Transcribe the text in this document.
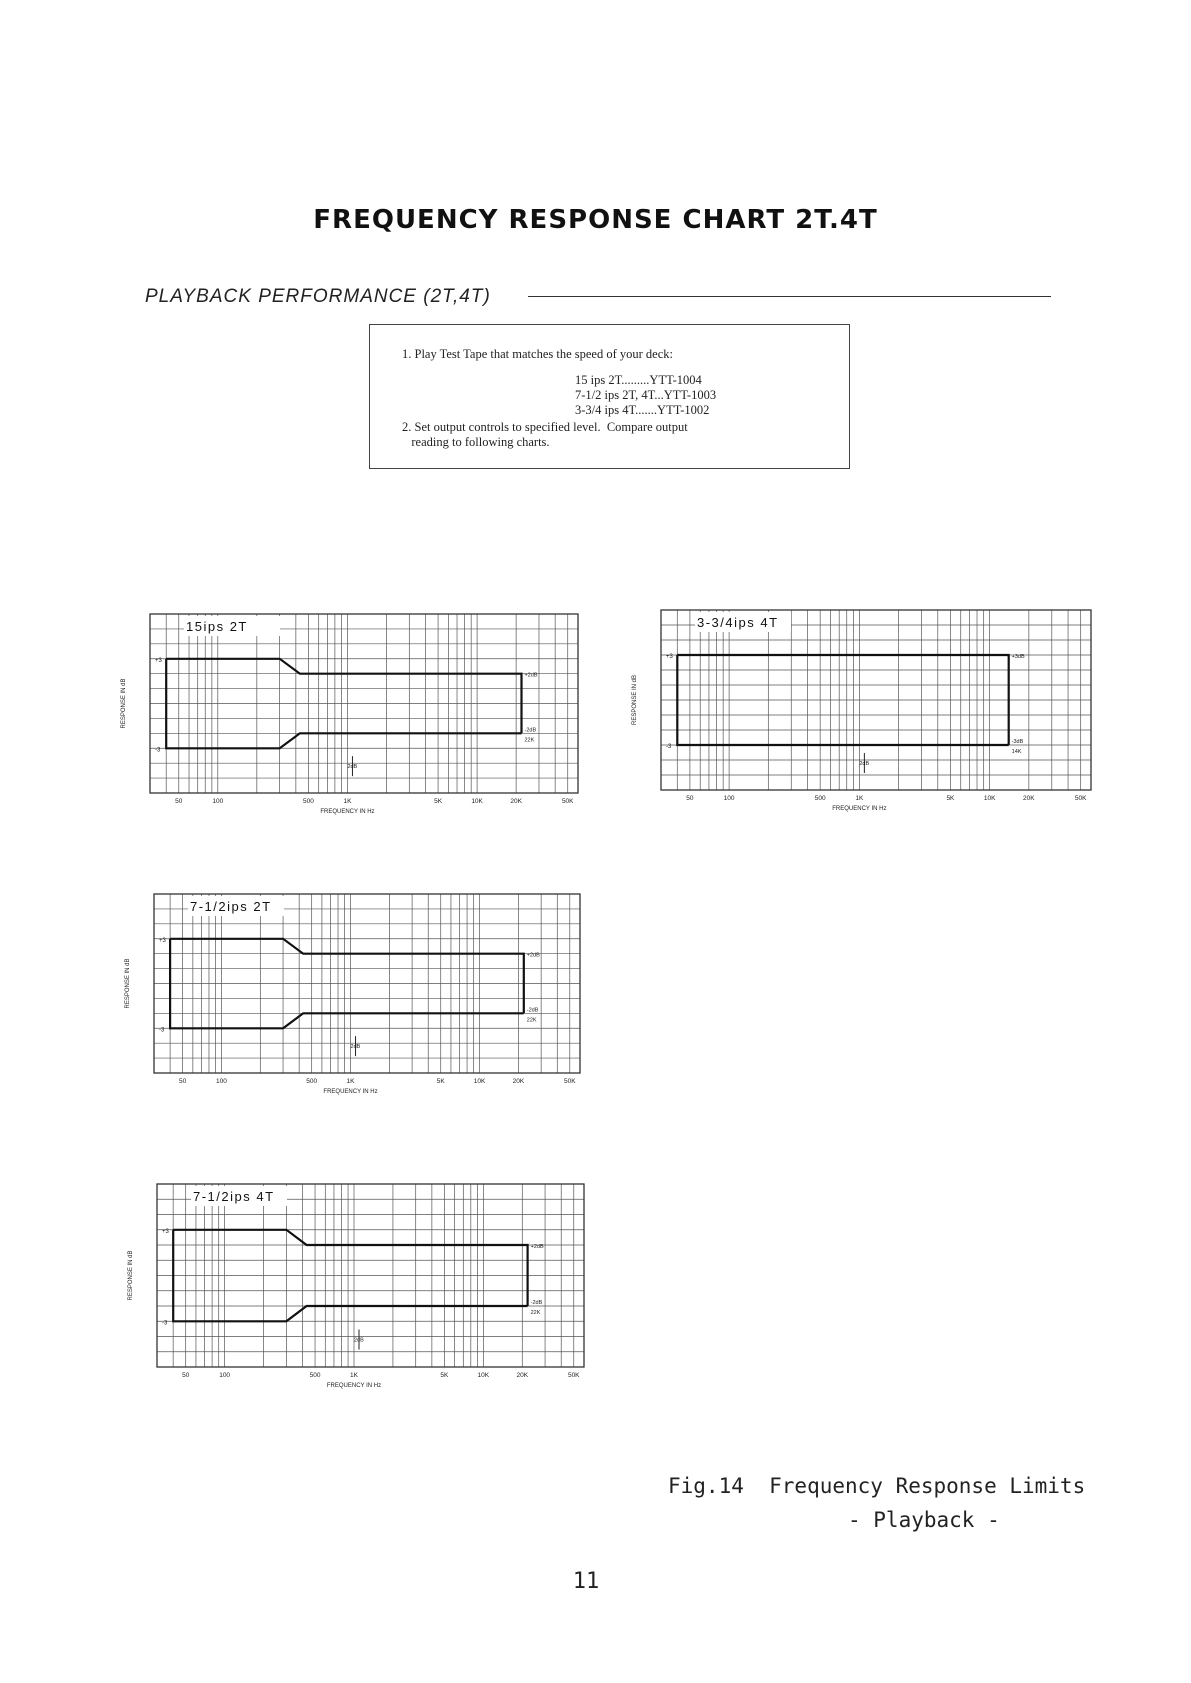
FREQUENCY RESPONSE CHART 2T.4T
PLAYBACK PERFORMANCE (2T,4T)
1. Play Test Tape that matches the speed of your deck:
15 ips 2T.........YTT-1004
7-1/2 ips 2T, 4T...YTT-1003
3-3/4 ips 4T.......YTT-1002
2. Set output controls to specified level.  Compare output
reading to following charts.
15ips 2T
+3
-3
+2dB
-2dB
22K
2dB
50	100	500	1K	5K	10K	20K	50K
FREQUENCY IN Hz
RESPONSE IN dB
3-3/4ips 4T
+3
-3
+3dB
-3dB
14K
2dB
50	100	500	1K	5K	10K	20K	50K
FREQUENCY IN Hz
RESPONSE IN dB
7-1/2ips 2T
+3
-3
+2dB
-2dB
22K
2dB
50	100	500	1K	5K	10K	20K	50K
FREQUENCY IN Hz
RESPONSE IN dB
7-1/2ips 4T
+3
-3
+2dB
-2dB
22K
2dB
50	100	500	1K	5K	10K	20K	50K
FREQUENCY IN Hz
RESPONSE IN dB
Fig.14  Frequency Response Limits
- Playback -
11
